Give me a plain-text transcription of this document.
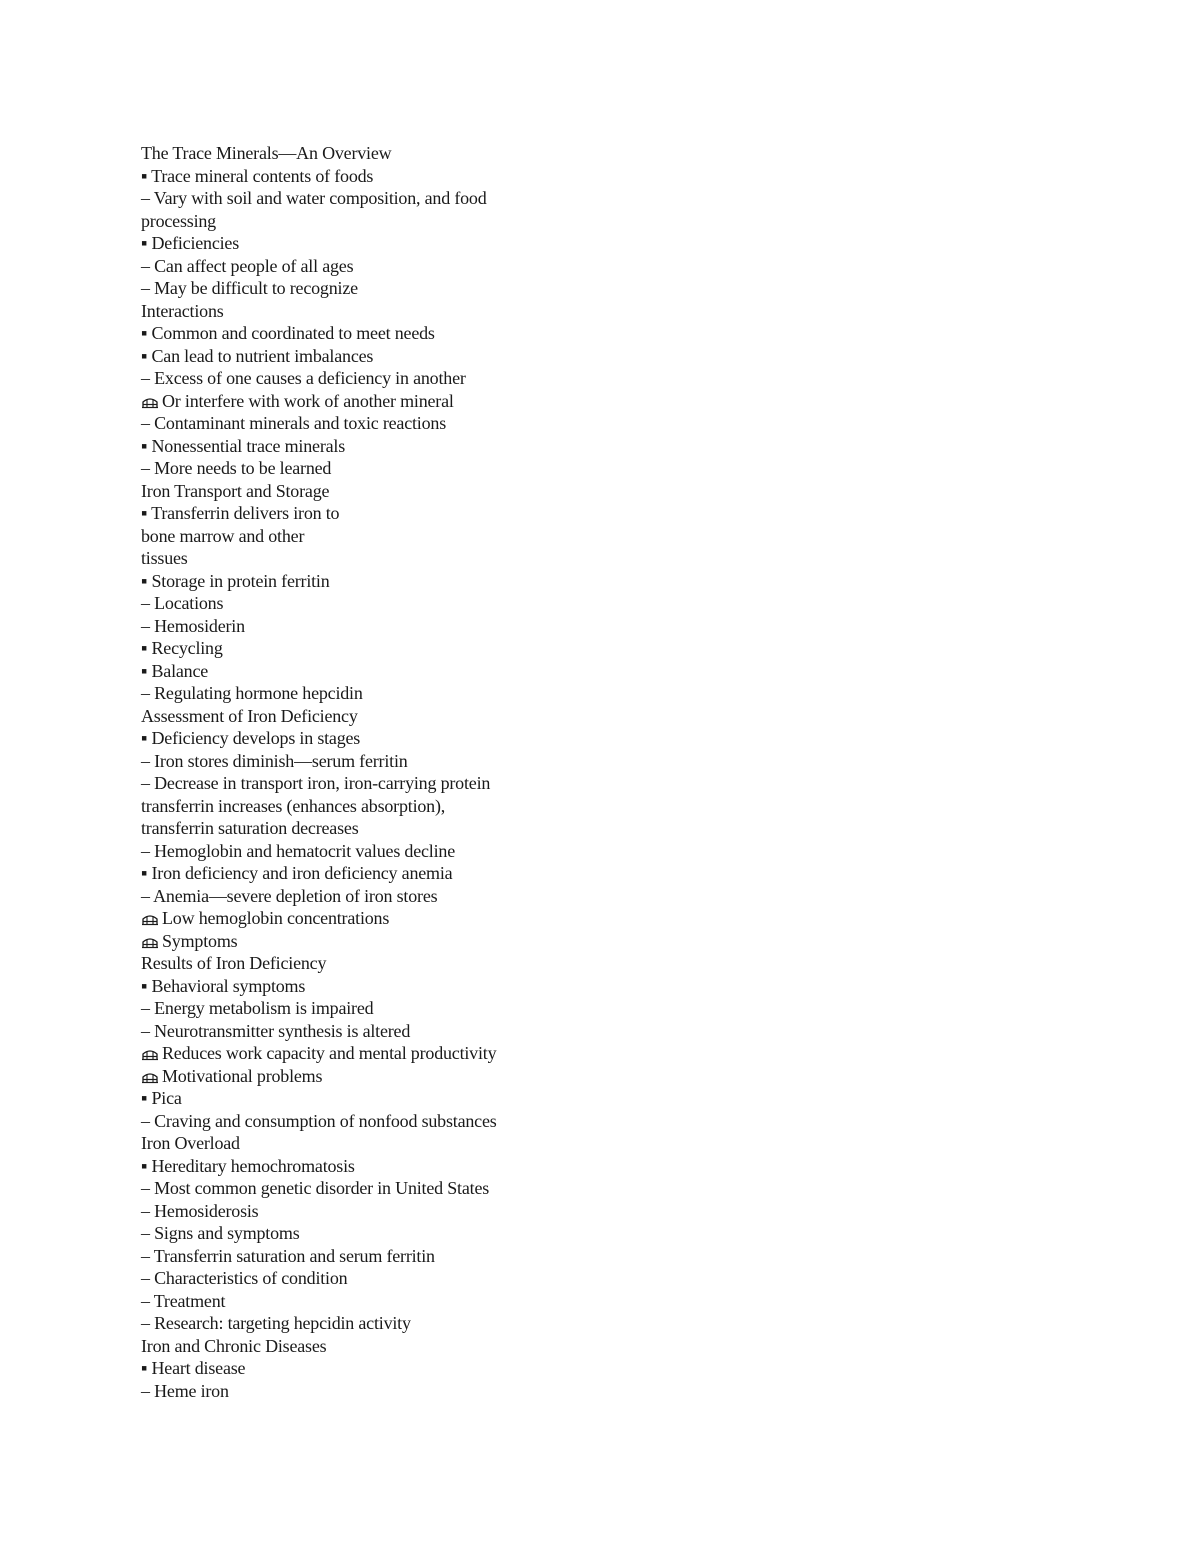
The Trace Minerals—An Overview
▪ Trace mineral contents of foods
– Vary with soil and water composition, and food
processing
▪ Deficiencies
– Can affect people of all ages
– May be difficult to recognize
Interactions
▪ Common and coordinated to meet needs
▪ Can lead to nutrient imbalances
– Excess of one causes a deficiency in another
Or interfere with work of another mineral
– Contaminant minerals and toxic reactions
▪ Nonessential trace minerals
– More needs to be learned
Iron Transport and Storage
▪ Transferrin delivers iron to
bone marrow and other
tissues
▪ Storage in protein ferritin
– Locations
– Hemosiderin
▪ Recycling
▪ Balance
– Regulating hormone hepcidin
Assessment of Iron Deficiency
▪ Deficiency develops in stages
– Iron stores diminish—serum ferritin
– Decrease in transport iron, iron-carrying protein
transferrin increases (enhances absorption),
transferrin saturation decreases
– Hemoglobin and hematocrit values decline
▪ Iron deficiency and iron deficiency anemia
– Anemia—severe depletion of iron stores
Low hemoglobin concentrations
Symptoms
Results of Iron Deficiency
▪ Behavioral symptoms
– Energy metabolism is impaired
– Neurotransmitter synthesis is altered
Reduces work capacity and mental productivity
Motivational problems
▪ Pica
– Craving and consumption of nonfood substances
Iron Overload
▪ Hereditary hemochromatosis
– Most common genetic disorder in United States
– Hemosiderosis
– Signs and symptoms
– Transferrin saturation and serum ferritin
– Characteristics of condition
– Treatment
– Research: targeting hepcidin activity
Iron and Chronic Diseases
▪ Heart disease
– Heme iron
